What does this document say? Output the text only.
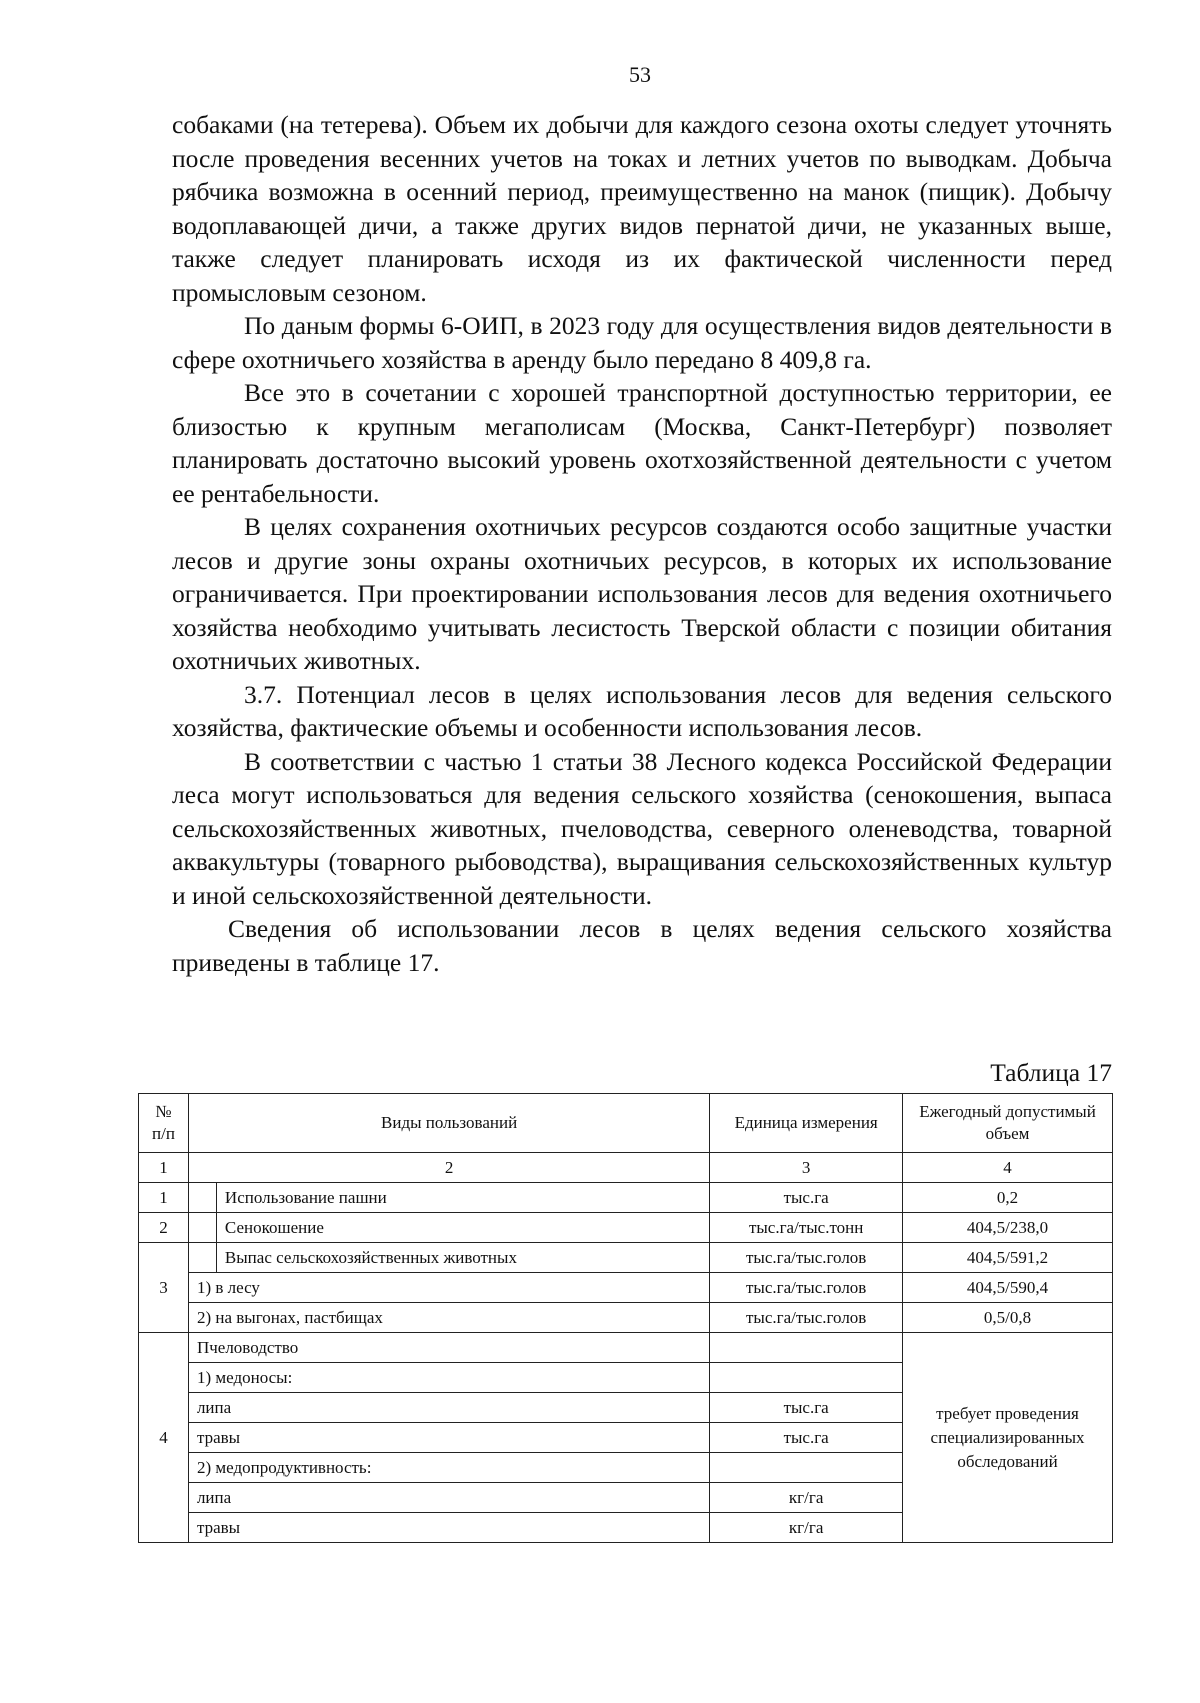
53

собаками (на тетерева). Объем их добычи для каждого сезона охоты следует уточнять после проведения весенних учетов на токах и летних учетов по выводкам. Добыча рябчика возможна в осенний период, преимущественно на манок (пищик). Добычу водоплавающей дичи, а также других видов пернатой дичи, не указанных выше, также следует планировать исходя из их фактической численности перед промысловым сезоном.

По даным формы 6-ОИП, в 2023 году для осуществления видов деятельности в сфере охотничьего хозяйства в аренду было передано 8 409,8 га.

Все это в сочетании с хорошей транспортной доступностью территории, ее близостью к крупным мегаполисам (Москва, Санкт-Петербург) позволяет планировать достаточно высокий уровень охотхозяйственной деятельности с учетом ее рентабельности.

В целях сохранения охотничьих ресурсов создаются особо защитные участки лесов и другие зоны охраны охотничьих ресурсов, в которых их использование ограничивается. При проектировании использования лесов для ведения охотничьего хозяйства необходимо учитывать лесистость Тверской области с позиции обитания охотничьих животных.

3.7. Потенциал лесов в целях использования лесов для ведения сельского хозяйства, фактические объемы и особенности использования лесов.

В соответствии с частью 1 статьи 38 Лесного кодекса Российской Федерации леса могут использоваться для ведения сельского хозяйства (сенокошения, выпаса сельскохозяйственных животных, пчеловодства, северного оленеводства, товарной аквакультуры (товарного рыбоводства), выращивания сельскохозяйственных культур и иной сельскохозяйственной деятельности.

Сведения об использовании лесов в целях ведения сельского хозяйства приведены в таблице 17.

Таблица 17
№ п/п	Виды пользований		Единица измерения	Ежегодный допустимый объем
1	2		3	4
1		Использование пашни	тыс.га	0,2
2		Сенокошение	тыс.га/тыс.тонн	404,5/238,0
3		Выпас сельскохозяйственных животных	тыс.га/тыс.голов	404,5/591,2
	1) в лесу		тыс.га/тыс.голов	404,5/590,4
	2) на выгонах, пастбищах		тыс.га/тыс.голов	0,5/0,8
4	Пчеловодство			требует проведения специализированных обследований
	1) медоносы:			
	липа		тыс.га	
	травы		тыс.га	
	2) медопродуктивность:			
	липа		кг/га	
	травы		кг/га	
